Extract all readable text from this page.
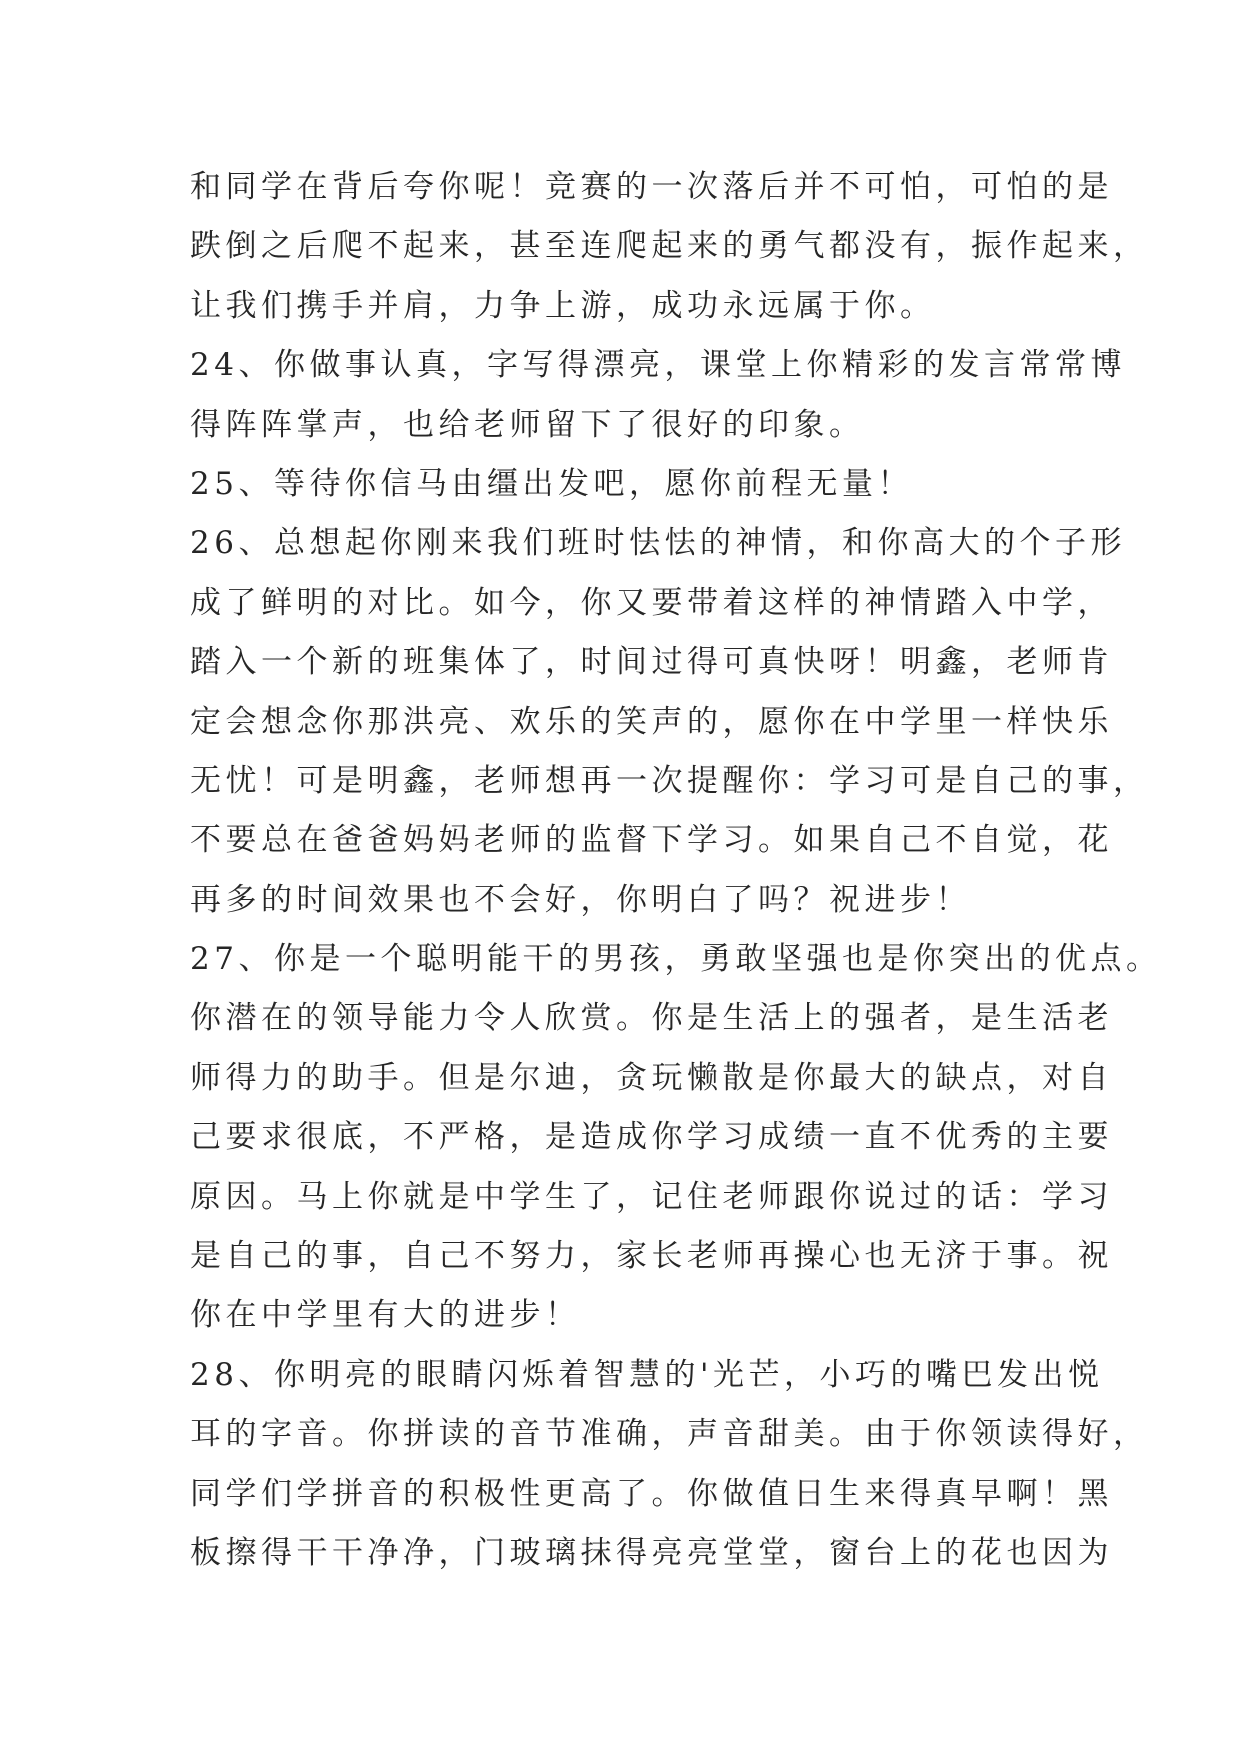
和同学在背后夸你呢！竞赛的一次落后并不可怕，可怕的是
跌倒之后爬不起来，甚至连爬起来的勇气都没有，振作起来，
让我们携手并肩，力争上游，成功永远属于你。
24、你做事认真，字写得漂亮，课堂上你精彩的发言常常博
得阵阵掌声，也给老师留下了很好的印象。
25、等待你信马由缰出发吧，愿你前程无量！
26、总想起你刚来我们班时怯怯的神情，和你高大的个子形
成了鲜明的对比。如今，你又要带着这样的神情踏入中学，
踏入一个新的班集体了，时间过得可真快呀！明鑫，老师肯
定会想念你那洪亮、欢乐的笑声的，愿你在中学里一样快乐
无忧！可是明鑫，老师想再一次提醒你：学习可是自己的事，
不要总在爸爸妈妈老师的监督下学习。如果自己不自觉，花
再多的时间效果也不会好，你明白了吗？祝进步！
27、你是一个聪明能干的男孩，勇敢坚强也是你突出的优点。
你潜在的领导能力令人欣赏。你是生活上的强者，是生活老
师得力的助手。但是尔迪，贪玩懒散是你最大的缺点，对自
己要求很底，不严格，是造成你学习成绩一直不优秀的主要
原因。马上你就是中学生了，记住老师跟你说过的话：学习
是自己的事，自己不努力，家长老师再操心也无济于事。祝
你在中学里有大的进步！
28、你明亮的眼睛闪烁着智慧的'光芒，小巧的嘴巴发出悦
耳的字音。你拼读的音节准确，声音甜美。由于你领读得好，
同学们学拼音的积极性更高了。你做值日生来得真早啊！黑
板擦得干干净净，门玻璃抹得亮亮堂堂，窗台上的花也因为
